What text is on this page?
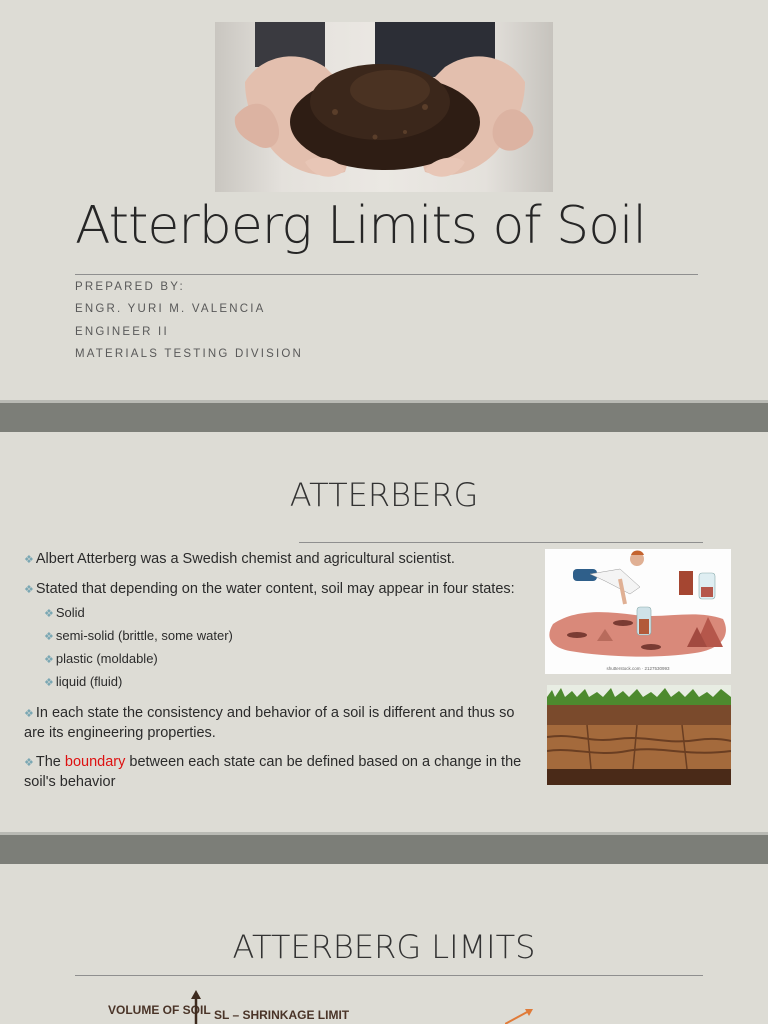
Atterberg Limits of Soil
PREPARED BY:
ENGR. YURI M. VALENCIA
ENGINEER II
MATERIALS TESTING DIVISION
ATTERBERG
❖ Albert Atterberg was a Swedish chemist and agricultural scientist.
❖ Stated that depending on the water content, soil may appear in four states:
❖ Solid
❖ semi-solid (brittle, some water)
❖ plastic (moldable)
❖ liquid (fluid)
❖ In each state the consistency and behavior of a soil is different and thus so are its engineering properties.
❖ The boundary between each state can be defined based on a change in the soil's behavior
shutterstock.com · 2127530993
ATTERBERG LIMITS
VOLUME OF SOIL SL – SHRINKAGE LIMIT
